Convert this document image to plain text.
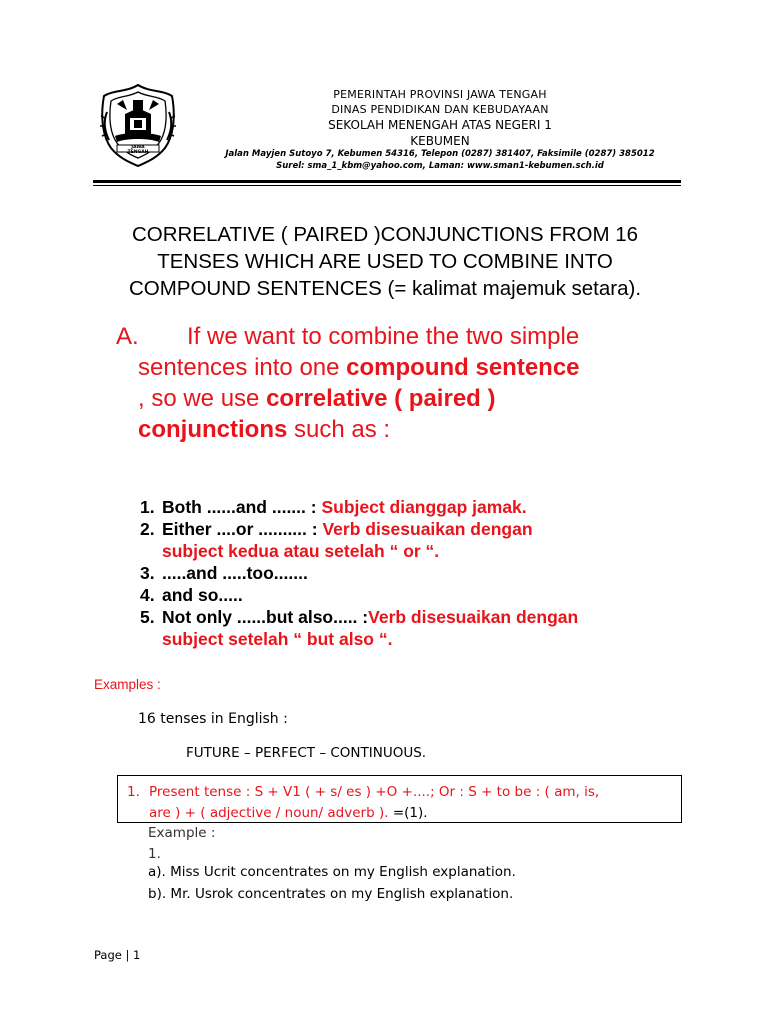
JAWA TENGAH
PEMERINTAH PROVINSI JAWA TENGAH
DINAS PENDIDIKAN DAN KEBUDAYAAN
SEKOLAH MENENGAH ATAS NEGERI 1
KEBUMEN
Jalan Mayjen Sutoyo 7, Kebumen 54316, Telepon (0287) 381407, Faksimile (0287) 385012
Surel: sma_1_kbm@yahoo.com, Laman: www.sman1-kebumen.sch.id
CORRELATIVE ( PAIRED )CONJUNCTIONS FROM 16
TENSES WHICH ARE USED TO COMBINE INTO
COMPOUND SENTENCES (= kalimat majemuk setara).
A.	If we want to combine the two simple

sentences into one compound sentence

, so we use correlative ( paired )

conjunctions such as :

1. Both ......and ....... : Subject dianggap jamak.
2. Either ....or .......... : Verb disesuaikan dengan
subject kedua atau setelah “ or “.
3. .....and .....too.......
4. and so.....
5. Not only ......but also..... :Verb disesuaikan dengan
subject setelah “ but also “.
Examples :
16 tenses in English :
FUTURE – PERFECT – CONTINUOUS.
1. Present tense : S + V1 ( + s/ es ) +O +....; Or : S + to be : ( am, is,
are ) + ( adjective / noun/ adverb ). =(1).
Example :
1.
a). Miss Ucrit concentrates on my English explanation.
b). Mr. Usrok concentrates on my English explanation.
Page | 1
